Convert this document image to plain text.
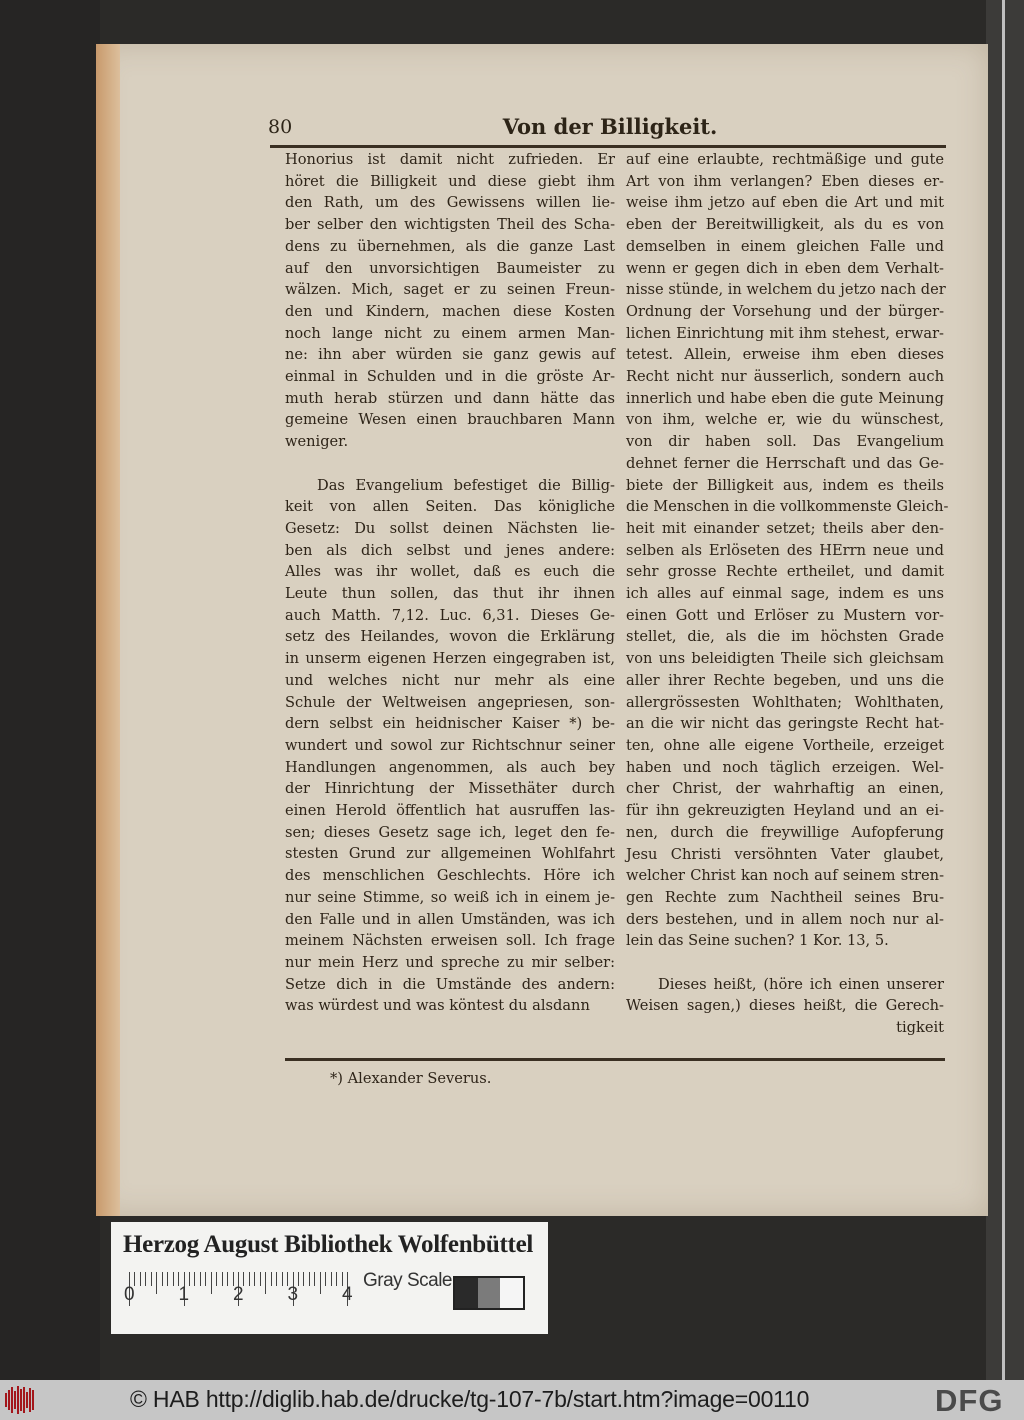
80	Von der Billigkeit.
Honorius ist damit nicht zufrieden. Er
höret die Billigkeit und diese giebt ihm
den Rath, um des Gewissens willen lie-
ber selber den wichtigsten Theil des Scha-
dens zu übernehmen, als die ganze Last
auf den unvorsichtigen Baumeister zu
wälzen. Mich, saget er zu seinen Freun-
den und Kindern, machen diese Kosten
noch lange nicht zu einem armen Man-
ne: ihn aber würden sie ganz gewis auf
einmal in Schulden und in die gröste Ar-
muth herab stürzen und dann hätte das
gemeine Wesen einen brauchbaren Mann
weniger.
Das Evangelium befestiget die Billig-
keit von allen Seiten. Das königliche
Gesetz: Du sollst deinen Nächsten lie-
ben als dich selbst und jenes andere:
Alles was ihr wollet, daß es euch die
Leute thun sollen, das thut ihr ihnen
auch Matth. 7,12. Luc. 6,31. Dieses Ge-
setz des Heilandes, wovon die Erklärung
in unserm eigenen Herzen eingegraben ist,
und welches nicht nur mehr als eine
Schule der Weltweisen angepriesen, son-
dern selbst ein heidnischer Kaiser *) be-
wundert und sowol zur Richtschnur seiner
Handlungen angenommen, als auch bey
der Hinrichtung der Missethäter durch
einen Herold öffentlich hat ausruffen las-
sen; dieses Gesetz sage ich, leget den fe-
stesten Grund zur allgemeinen Wohlfahrt
des menschlichen Geschlechts. Höre ich
nur seine Stimme, so weiß ich in einem je-
den Falle und in allen Umständen, was ich
meinem Nächsten erweisen soll. Ich frage
nur mein Herz und spreche zu mir selber:
Setze dich in die Umstände des andern:
was würdest und was köntest du alsdann
auf eine erlaubte, rechtmäßige und gute
Art von ihm verlangen? Eben dieses er-
weise ihm jetzo auf eben die Art und mit
eben der Bereitwilligkeit, als du es von
demselben in einem gleichen Falle und
wenn er gegen dich in eben dem Verhalt-
nisse stünde, in welchem du jetzo nach der
Ordnung der Vorsehung und der bürger-
lichen Einrichtung mit ihm stehest, erwar-
tetest. Allein, erweise ihm eben dieses
Recht nicht nur äusserlich, sondern auch
innerlich und habe eben die gute Meinung
von ihm, welche er, wie du wünschest,
von dir haben soll. Das Evangelium
dehnet ferner die Herrschaft und das Ge-
biete der Billigkeit aus, indem es theils
die Menschen in die vollkommenste Gleich-
heit mit einander setzet; theils aber den-
selben als Erlöseten des HErrn neue und
sehr grosse Rechte ertheilet, und damit
ich alles auf einmal sage, indem es uns
einen Gott und Erlöser zu Mustern vor-
stellet, die, als die im höchsten Grade
von uns beleidigten Theile sich gleichsam
aller ihrer Rechte begeben, und uns die
allergrössesten Wohlthaten; Wohlthaten,
an die wir nicht das geringste Recht hat-
ten, ohne alle eigene Vortheile, erzeiget
haben und noch täglich erzeigen. Wel-
cher Christ, der wahrhaftig an einen,
für ihn gekreuzigten Heyland und an ei-
nen, durch die freywillige Aufopferung
Jesu Christi versöhnten Vater glaubet,
welcher Christ kan noch auf seinem stren-
gen Rechte zum Nachtheil seines Bru-
ders bestehen, und in allem noch nur al-
lein das Seine suchen? 1 Kor. 13, 5.
Dieses heißt, (höre ich einen unserer
Weisen sagen,) dieses heißt, die Gerech-
tigkeit
*) Alexander Severus.
Herzog August Bibliothek Wolfenbüttel
0 1 2 3 4
Gray Scale
© HAB http://diglib.hab.de/drucke/tg-107-7b/start.htm?image=00110	DFG
